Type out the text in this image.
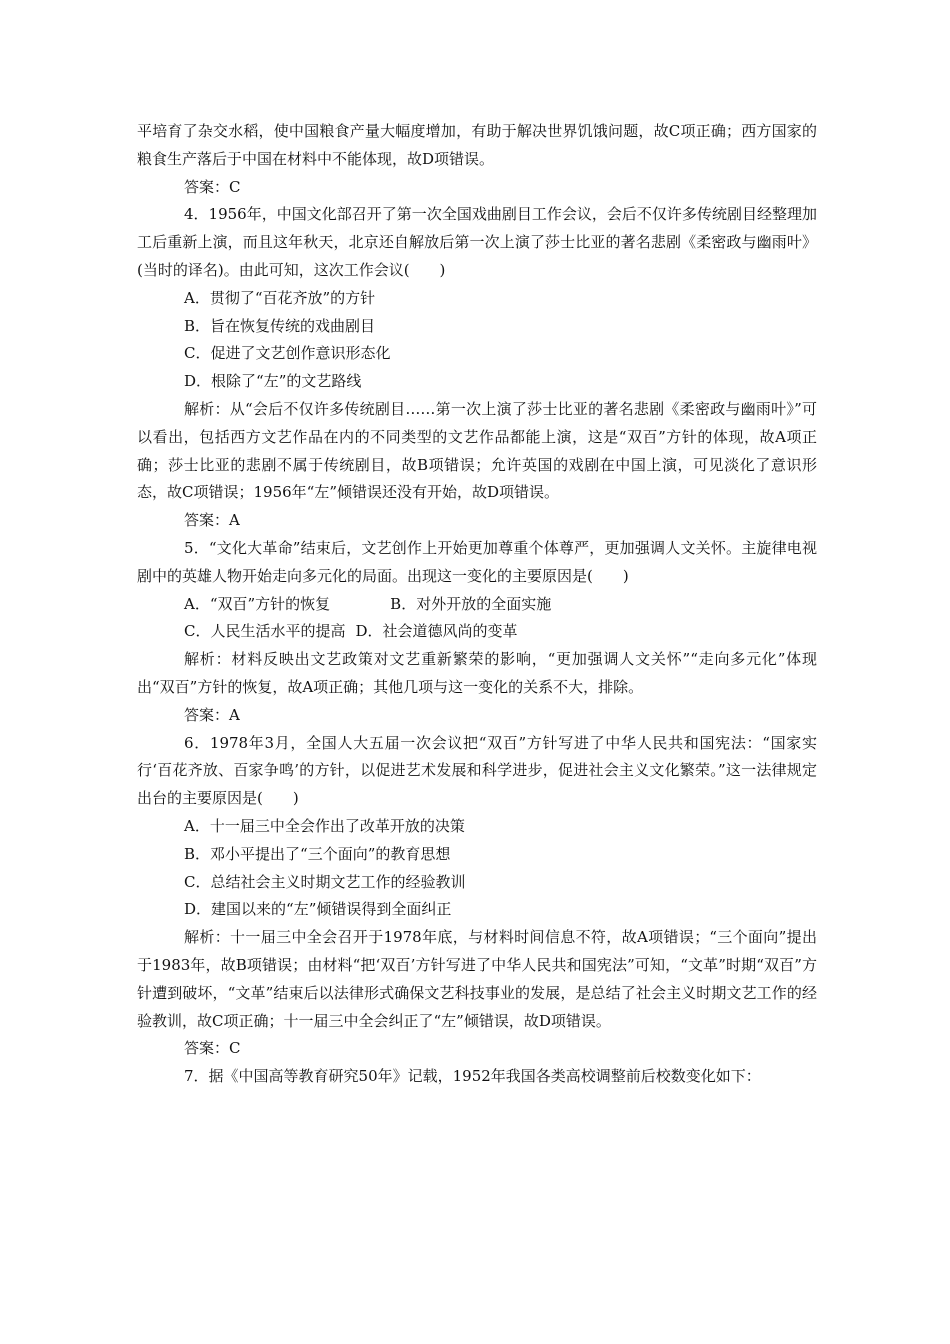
平培育了杂交水稻，使中国粮食产量大幅度增加，有助于解决世界饥饿问题，故C项正确；西方国家的粮食生产落后于中国在材料中不能体现，故D项错误。

答案：C

4．1956年，中国文化部召开了第一次全国戏曲剧目工作会议，会后不仅许多传统剧目经整理加工后重新上演，而且这年秋天，北京还自解放后第一次上演了莎士比亚的著名悲剧《柔密政与幽雨叶》(当时的译名)。由此可知，这次工作会议(　　)

A．贯彻了“百花齐放”的方针

B．旨在恢复传统的戏曲剧目

C．促进了文艺创作意识形态化

D．根除了“左”的文艺路线

解析：从“会后不仅许多传统剧目……第一次上演了莎士比亚的著名悲剧《柔密政与幽雨叶》”可以看出，包括西方文艺作品在内的不同类型的文艺作品都能上演，这是“双百”方针的体现，故A项正确；莎士比亚的悲剧不属于传统剧目，故B项错误；允许英国的戏剧在中国上演，可见淡化了意识形态，故C项错误；1956年“左”倾错误还没有开始，故D项错误。

答案：A

5．“文化大革命”结束后，文艺创作上开始更加尊重个体尊严，更加强调人文关怀。主旋律电视剧中的英雄人物开始走向多元化的局面。出现这一变化的主要原因是(　　)

A．“双百”方针的恢复	B．对外开放的全面实施

C．人民生活水平的提高 D．社会道德风尚的变革

解析：材料反映出文艺政策对文艺重新繁荣的影响，“更加强调人文关怀”“走向多元化”体现出“双百”方针的恢复，故A项正确；其他几项与这一变化的关系不大，排除。

答案：A

6．1978年3月，全国人大五届一次会议把“双百”方针写进了中华人民共和国宪法：“国家实行‘百花齐放、百家争鸣’的方针，以促进艺术发展和科学进步，促进社会主义文化繁荣。”这一法律规定出台的主要原因是(　　)

A．十一届三中全会作出了改革开放的决策

B．邓小平提出了“三个面向”的教育思想

C．总结社会主义时期文艺工作的经验教训

D．建国以来的“左”倾错误得到全面纠正

解析：十一届三中全会召开于1978年底，与材料时间信息不符，故A项错误；“三个面向”提出于1983年，故B项错误；由材料“把‘双百’方针写进了中华人民共和国宪法”可知，“文革”时期“双百”方针遭到破坏，“文革”结束后以法律形式确保文艺科技事业的发展，是总结了社会主义时期文艺工作的经验教训，故C项正确；十一届三中全会纠正了“左”倾错误，故D项错误。

答案：C

7．据《中国高等教育研究50年》记载，1952年我国各类高校调整前后校数变化如下：
